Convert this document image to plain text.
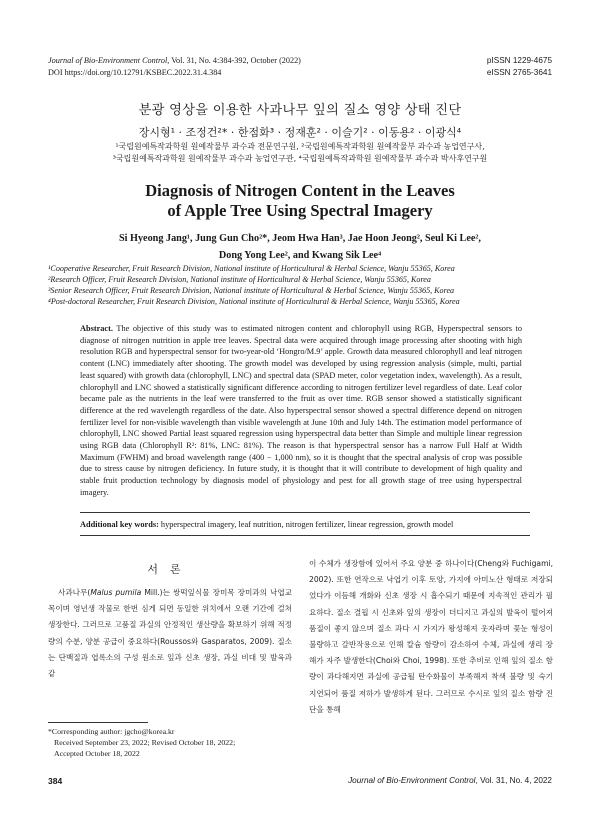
Journal of Bio-Environment Control, Vol. 31, No. 4:384-392, October (2022)
DOI https://doi.org/10.12791/KSBEC.2022.31.4.384
pISSN 1229-4675
eISSN 2765-3641
분광 영상을 이용한 사과나무 잎의 질소 영양 상태 진단
장시형¹ · 조정건²* · 한점화³ · 정재훈² · 이슬기² · 이동용² · 이광식⁴
¹국립원예특작과학원 원예작물부 과수과 전문연구원, ²국립원예특작과학원 원예작물부 과수과 농업연구사,
³국립원예특작과학원 원예작물부 과수과 농업연구관, ⁴국립원예특작과학원 원예작물부 과수과 박사후연구원
Diagnosis of Nitrogen Content in the Leaves
of Apple Tree Using Spectral Imagery
Si Hyeong Jang¹, Jung Gun Cho²*, Jeom Hwa Han³, Jae Hoon Jeong², Seul Ki Lee²,
Dong Yong Lee², and Kwang Sik Lee⁴
¹Cooperative Researcher, Fruit Research Division, National institute of Horticultural & Herbal Science, Wanju 55365, Korea
²Research Officer, Fruit Research Division, National institute of Horticultural & Herbal Science, Wanju 55365, Korea
³Senior Research Officer, Fruit Research Division, National institute of Horticultural & Herbal Science, Wanju 55365, Korea
⁴Post-doctoral Researcher, Fruit Research Division, National institute of Horticultural & Herbal Science, Wanju 55365, Korea
Abstract. The objective of this study was to estimated nitrogen content and chlorophyll using RGB, Hyperspectral sensors to diagnose of nitrogen nutrition in apple tree leaves. Spectral data were acquired through image processing after shooting with high resolution RGB and hyperspectral sensor for two-year-old ‘Hongro/M.9’ apple. Growth data measured chlorophyll and leaf nitrogen content (LNC) immediately after shooting. The growth model was developed by using regression analysis (simple, multi, partial least squared) with growth data (chlorophyll, LNC) and spectral data (SPAD meter, color vegetation index, wavelength). As a result, chlorophyll and LNC showed a statistically significant difference according to nitrogen fertilizer level regardless of date. Leaf color became pale as the nutrients in the leaf were transferred to the fruit as over time. RGB sensor showed a statistically significant difference at the red wavelength regardless of the date. Also hyperspectral sensor showed a spectral difference depend on nitrogen fertilizer level for non-visible wavelength than visible wavelength at June 10th and July 14th. The estimation model performance of chlorophyll, LNC showed Partial least squared regression using hyperspectral data better than Simple and multiple linear regression using RGB data (Chlorophyll R²: 81%, LNC: 81%). The reason is that hyperspectral sensor has a narrow Full Half at Width Maximum (FWHM) and broad wavelength range (400 − 1,000 nm), so it is thought that the spectral analysis of crop was possible due to stress cause by nitrogen deficiency. In future study, it is thought that it will contribute to development of high quality and stable fruit production technology by diagnosis model of physiology and pest for all growth stage of tree using hyperspectral imagery.
Additional key words: hyperspectral imagery, leaf nutrition, nitrogen fertilizer, linear regression, growth model
서론
사과나무(Malus pumila Mill.)는 쌍떡잎식물 장미목 장미과의 낙엽교목이며 영년생 작물로 한번 심게 되면 동일한 위치에서 오랜 기간에 걸쳐 생장한다. 그러므로 고품질 과실의 안정적인 생산량을 확보하기 위해 적정 량의 수분, 양분 공급이 중요하다(Roussos와 Gasparatos, 2009). 질소는 단백질과 엽록소의 구성 원소로 잎과 신초 생장, 과실 비대 및 발육과 같
이 수체가 생장함에 있어서 주요 양분 중 하나이다(Cheng와 Fuchigami, 2002). 또한 연작으로 낙엽기 이후 토양, 가지에 아미노산 형태로 저장되었다가 이듬해 개화와 신초 생장 시 흡수되기 때문에 지속적인 관리가 필요하다. 질소 결핍 시 신초와 잎의 생장이 더디지고 과실의 발육이 떨어져 품질이 좋지 않으며 질소 과다 시 가지가 왕성해져 웃자라며 꽃눈 형성이 불량하고 갈반작용으로 인해 칼슘 함량이 감소하여 수체, 과실에 생리 장해가 자주 발생한다(Choi와 Choi, 1998). 또한 추비로 인해 잎의 질소 함량이 과다해지면 과실에 공급될 탄수화물이 부족해져 착색 불량 및 숙기 지연되어 품질 저하가 발생하게 된다. 그러므로 수시로 잎의 질소 함량 진단을 통해
*Corresponding author: jgcho@korea.kr
Received September 23, 2022; Revised October 18, 2022;
Accepted October 18, 2022
384	Journal of Bio-Environment Control, Vol. 31, No. 4, 2022
